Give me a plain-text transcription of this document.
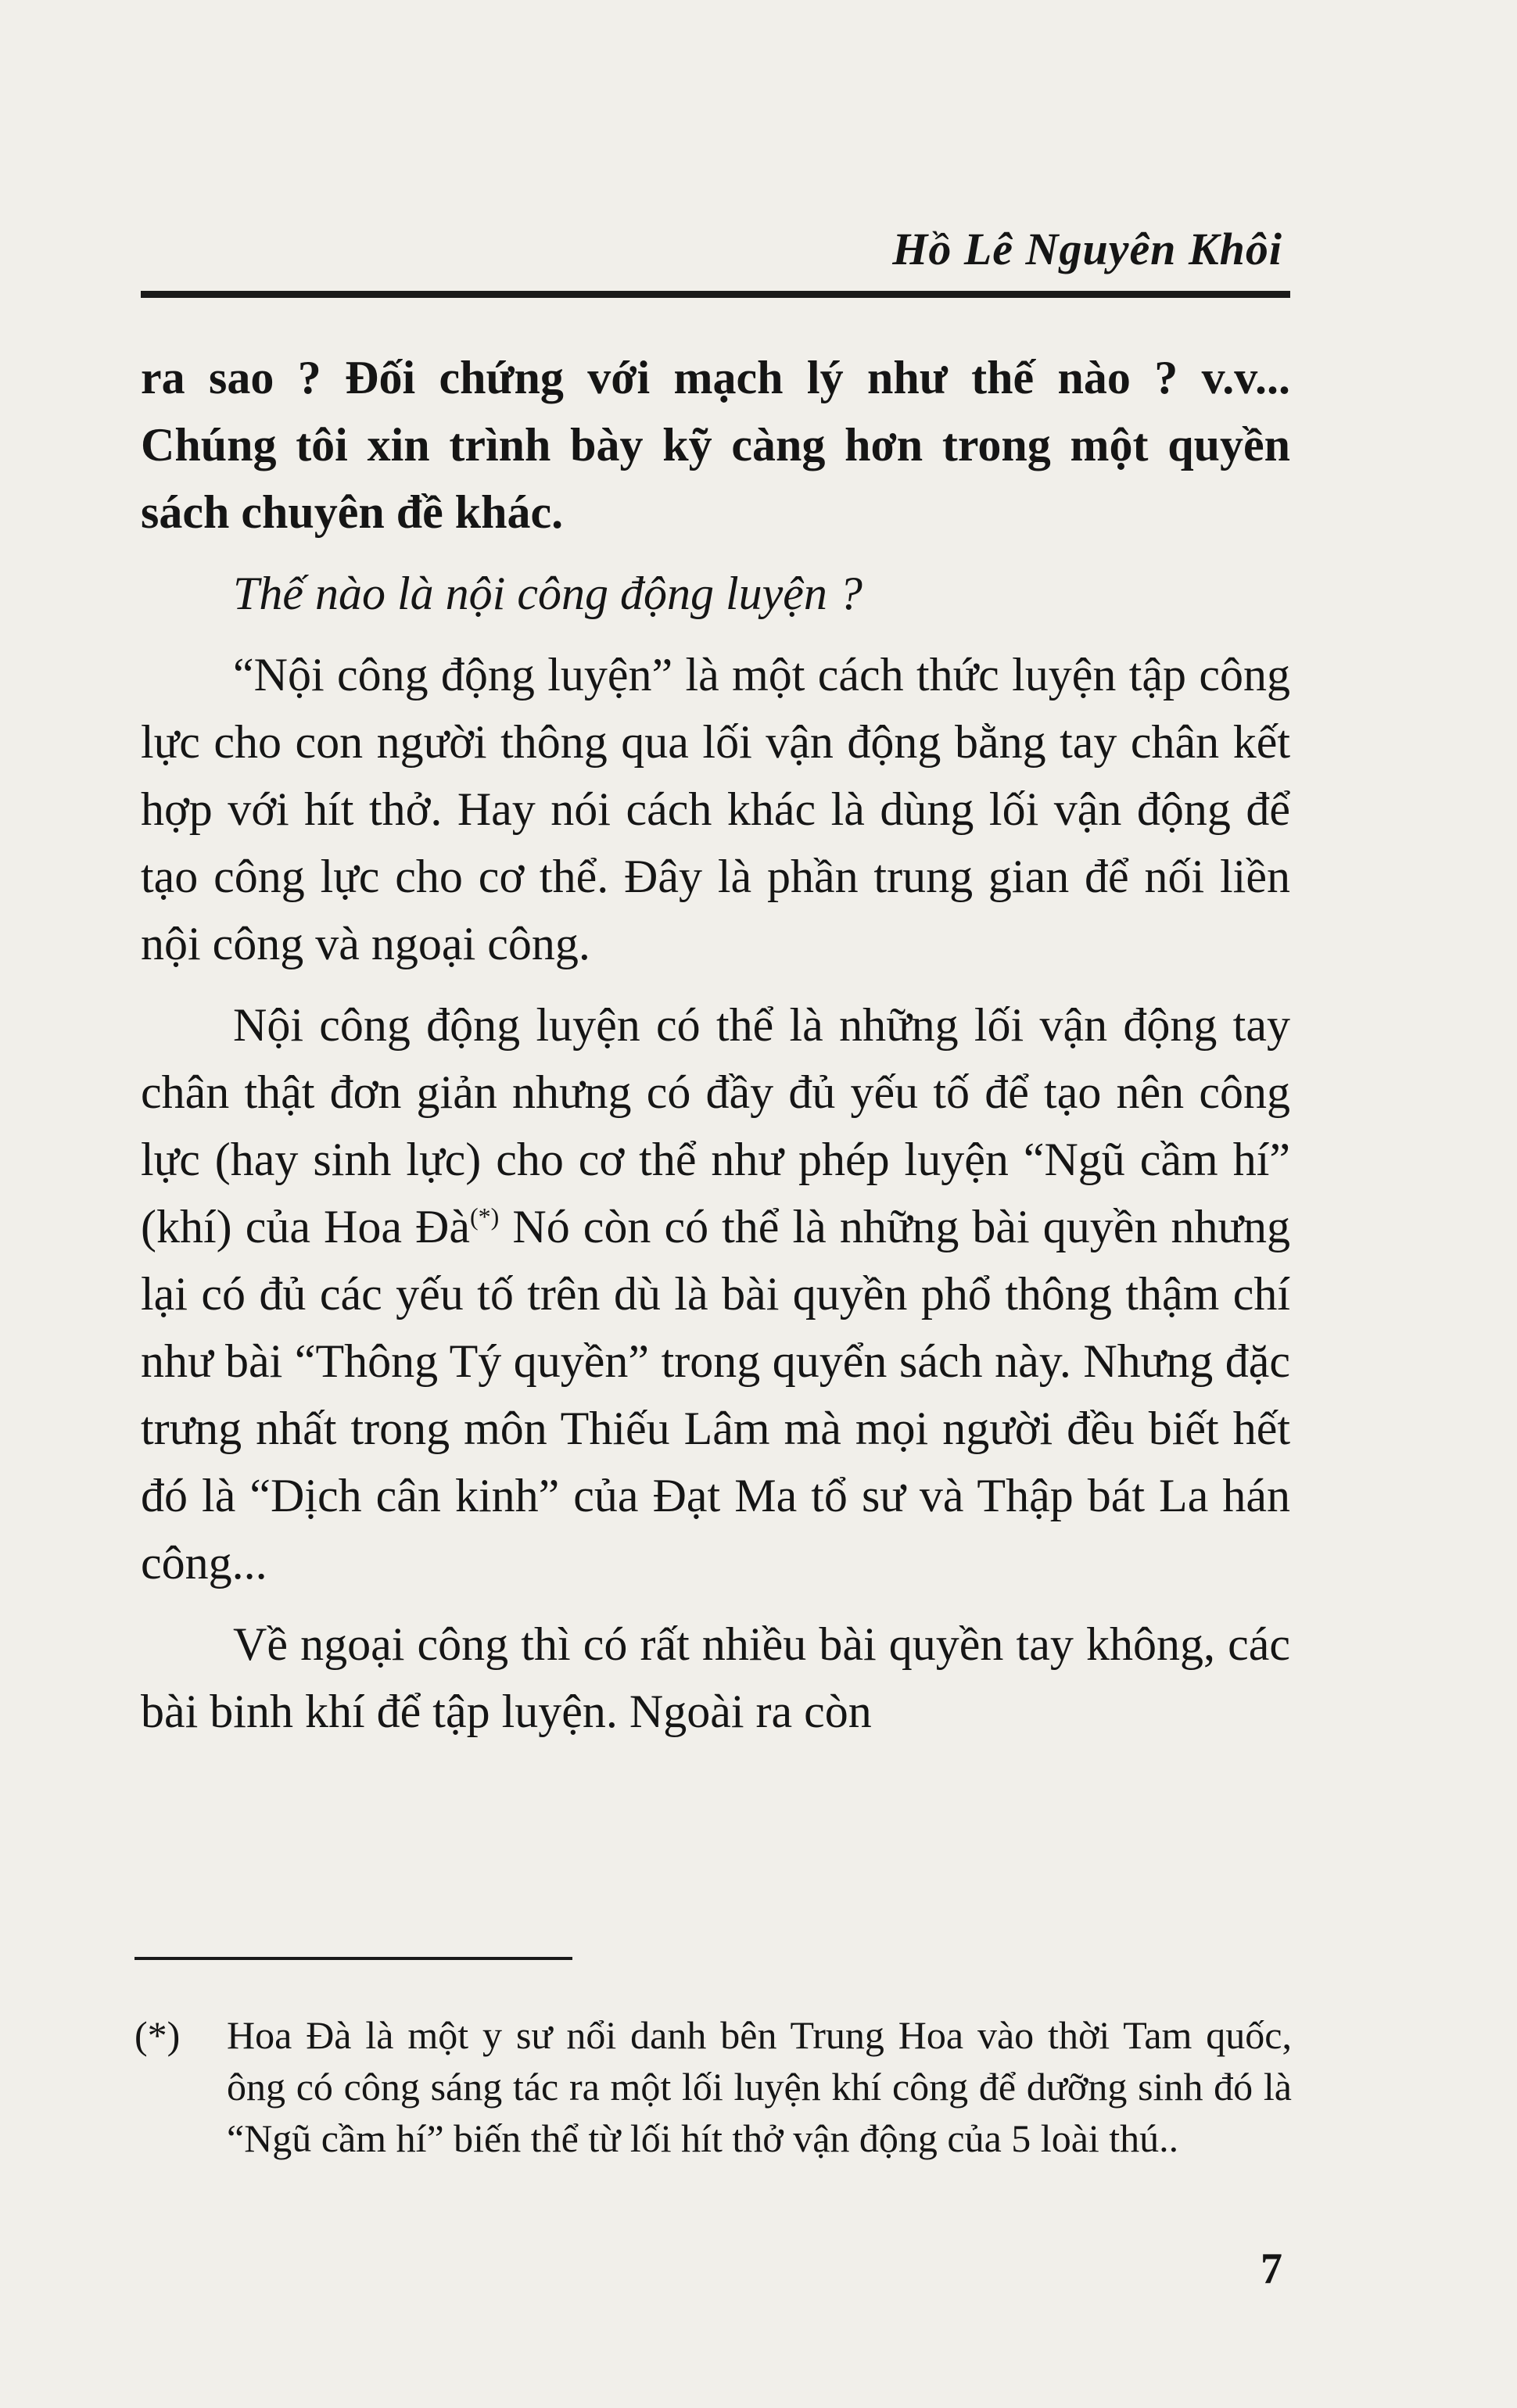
Hồ Lê Nguyên Khôi

ra sao ? Đối chứng với mạch lý như thế nào ? v.v... Chúng tôi xin trình bày kỹ càng hơn trong một quyền sách chuyên đề khác.

Thế nào là nội công động luyện ?

“Nội công động luyện” là một cách thức luyện tập công lực cho con người thông qua lối vận động bằng tay chân kết hợp với hít thở. Hay nói cách khác là dùng lối vận động để tạo công lực cho cơ thể. Đây là phần trung gian để nối liền nội công và ngoại công.

Nội công động luyện có thể là những lối vận động tay chân thật đơn giản nhưng có đầy đủ yếu tố để tạo nên công lực (hay sinh lực) cho cơ thể như phép luyện “Ngũ cầm hí” (khí) của Hoa Đà(*) Nó còn có thể là những bài quyền nhưng lại có đủ các yếu tố trên dù là bài quyền phổ thông thậm chí như bài “Thông Tý quyền” trong quyển sách này. Nhưng đặc trưng nhất trong môn Thiếu Lâm mà mọi người đều biết hết đó là “Dịch cân kinh” của Đạt Ma tổ sư và Thập bát La hán công...

Về ngoại công thì có rất nhiều bài quyền tay không, các bài binh khí để tập luyện. Ngoài ra còn

(*) Hoa Đà là một y sư nổi danh bên Trung Hoa vào thời Tam quốc, ông có công sáng tác ra một lối luyện khí công để dưỡng sinh đó là “Ngũ cầm hí” biến thể từ lối hít thở vận động của 5 loài thú..
7
